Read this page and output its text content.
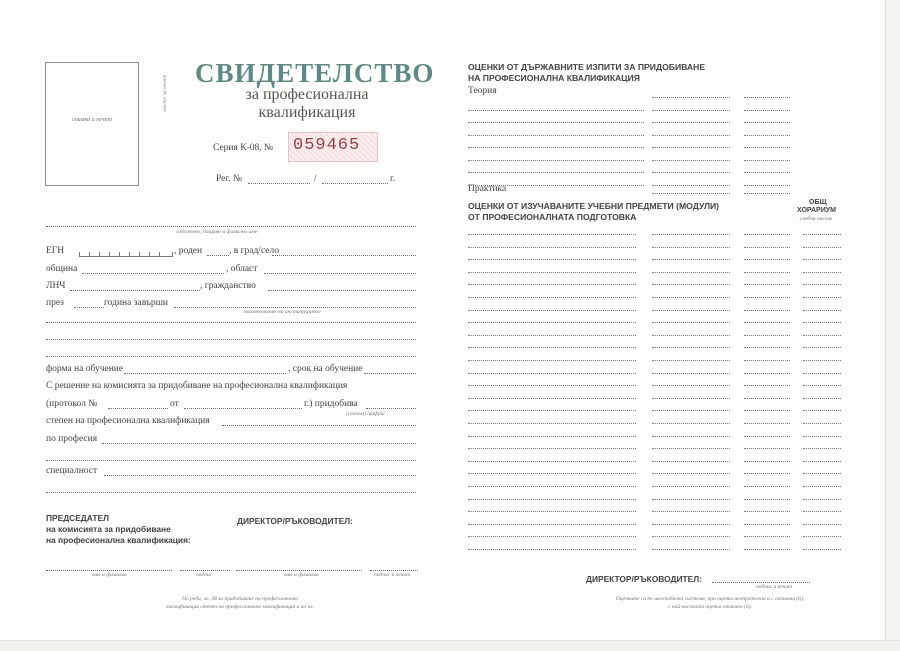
снимка и печат
място за печат
СВИДЕТЕЛСТВО
за професионална
квалификация
Серия К-08, № 059465
Рег. №	/	г.
собствено, бащино и фамилно име
ЕГН	, роден	, в град/село
община	, област
ЛНЧ	, гражданство
през	година завърши
наименование на институцията
форма на обучение	, срок на обучение
С решение на комисията за придобиване на професионална квалификация
(протокол №	от	г.) придобива
(словом) /цифри/
степен на професионална квалификация
по професия
специалност
ПРЕДСЕДАТЕЛ
на комисията за придобиване
на професионална квалификация:
ДИРЕКТОР/РЪКОВОДИТЕЛ:
име и фамилия	подпис	име и фамилия	подпис и печат
По реда, чл. 38 за придобиване на професионална
квалификация степен на професионална квалификация и по чл.
ОЦЕНКИ ОТ ДЪРЖАВНИТЕ ИЗПИТИ ЗА ПРИДОБИВАНЕ
НА ПРОФЕСИОНАЛНА КВАЛИФИКАЦИЯ
Теория
Практика
ОЦЕНКИ ОТ ИЗУЧАВАНИТЕ УЧЕБНИ ПРЕДМЕТИ (МОДУЛИ)
ОТ ПРОФЕСИОНАЛНАТА ПОДГОТОВКА
ОБЩ
ХОРАРИУМ
учебни часове
ДИРЕКТОР/РЪКОВОДИТЕЛ:
подпис и печат
Оценките са по шестобална система, при оценка неопределена и с отлична (6),
с най-високата оценка отлично (6).
